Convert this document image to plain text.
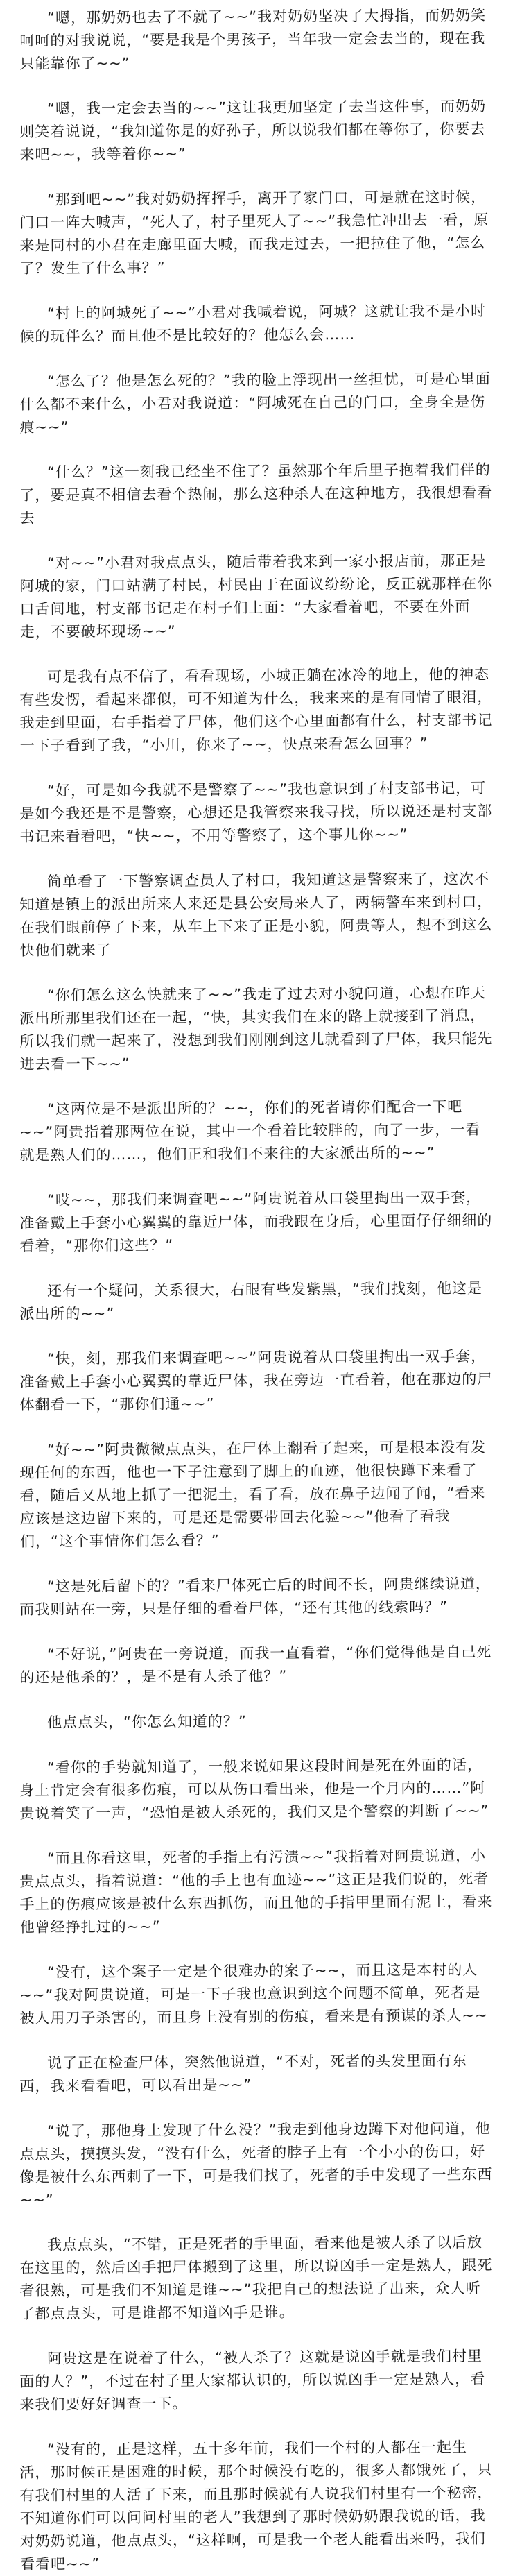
“嗯，那奶奶也去了不就了~~”我对奶奶坚决了大拇指，而奶奶笑呵呵的对我说说，“要是我是个男孩子，当年我一定会去当的，现在我只能靠你了~~”
“嗯，我一定会去当的~~”这让我更加坚定了去当这件事，而奶奶则笑着说说，“我知道你是的好孙子，所以说我们都在等你了，你要去来吧~~，我等着你~~”
“那到吧~~”我对奶奶挥挥手，离开了家门口，可是就在这时候，门口一阵大喊声，“死人了，村子里死人了~~”我急忙冲出去一看，原来是同村的小君在走廊里面大喊，而我走过去，一把拉住了他，“怎么了？发生了什么事？”
“村上的阿城死了~~”小君对我喊着说，阿城？这就让我不是小时候的玩伴么？而且他不是比较好的？他怎么会……
“怎么了？他是怎么死的？”我的脸上浮现出一丝担忧，可是心里面什么都不来什么，小君对我说道：“阿城死在自己的门口，全身全是伤痕~~”
“什么？”这一刻我已经坐不住了？虽然那个年后里子抱着我们伴的了，要是真不相信去看个热闹，那么这种杀人在这种地方，我很想看看去
“对~~”小君对我点点头，随后带着我来到一家小报店前，那正是阿城的家，门口站满了村民，村民由于在面议纷纷论，反正就那样在你口舌间地，村支部书记走在村子们上面：“大家看着吧，不要在外面走，不要破坏现场~~”
可是我有点不信了，看看现场，小城正躺在冰冷的地上，他的神态有些发愣，看起来都似，可不知道为什么，我来来的是有同情了眼泪，我走到里面，右手指着了尸体，他们这个心里面都有什么，村支部书记一下子看到了我，“小川，你来了~~，快点来看怎么回事？”
“好，可是如今我就不是警察了~~”我也意识到了村支部书记，可是如今我还是不是警察，心想还是我管察来我寻找，所以说还是村支部书记来看看吧，“快~~，不用等警察了，这个事儿你~~”
简单看了一下警察调查员人了村口，我知道这是警察来了，这次不知道是镇上的派出所来人来还是县公安局来人了，两辆警车来到村口，在我们跟前停了下来，从车上下来了正是小貌，阿贵等人，想不到这么快他们就来了
“你们怎么这么快就来了~~”我走了过去对小貌问道，心想在昨天派出所那里我们还在一起，“快，其实我们在来的路上就接到了消息，所以我们就一起来了，没想到我们刚刚到这儿就看到了尸体，我只能先进去看一下~~”
“这两位是不是派出所的？~~，你们的死者请你们配合一下吧~~”阿贵指着那两位在说，其中一个看着比较胖的，向了一步，一看就是熟人们的……，他们正和我们不来往的大家派出所的~~”
“哎~~，那我们来调查吧~~”阿贵说着从口袋里掏出一双手套，准备戴上手套小心翼翼的靠近尸体，而我跟在身后，心里面仔仔细细的看着，“那你们这些？”
还有一个疑问，关系很大，右眼有些发紫黑，“我们找刻，他这是派出所的~~”
“快，刻，那我们来调查吧~~”阿贵说着从口袋里掏出一双手套，准备戴上手套小心翼翼的靠近尸体，我在旁边一直看着，他在那边的尸体翻看一下，“那你们通~~”
“好~~”阿贵微微点点头，在尸体上翻看了起来，可是根本没有发现任何的东西，他也一下子注意到了脚上的血迹，他很快蹲下来看了看，随后又从地上抓了一把泥土，看了看，放在鼻子边闻了闻，“看来应该是这边留下来的，可是还是需要带回去化验~~”他看了看我们，“这个事情你们怎么看？”
“这是死后留下的？”看来尸体死亡后的时间不长，阿贵继续说道，而我则站在一旁，只是仔细的看着尸体，“还有其他的线索吗？”
“不好说，”阿贵在一旁说道，而我一直看着，“你们觉得他是自己死的还是他杀的？，是不是有人杀了他？”
他点点头，“你怎么知道的？”
“看你的手势就知道了，一般来说如果这段时间是死在外面的话，身上肯定会有很多伤痕，可以从伤口看出来，他是一个月内的……”阿贵说着笑了一声，“恐怕是被人杀死的，我们又是个警察的判断了~~”
“而且你看这里，死者的手指上有污渍~~”我指着对阿贵说道，小贵点点头，指着说道：“他的手上也有血迹~~”这正是我们说的，死者手上的伤痕应该是被什么东西抓伤，而且他的手指甲里面有泥土，看来他曾经挣扎过的~~”
“没有，这个案子一定是个很难办的案子~~，而且这是本村的人~~”我对阿贵说道，可是一下子我也意识到这个问题不简单，死者是被人用刀子杀害的，而且身上没有别的伤痕，看来是有预谋的杀人~~
说了正在检查尸体，突然他说道，“不对，死者的头发里面有东西，我来看看吧，可以看出是~~”
“说了，那他身上发现了什么没？”我走到他身边蹲下对他问道，他点点头，摸摸头发，“没有什么，死者的脖子上有一个小小的伤口，好像是被什么东西刺了一下，可是我们找了，死者的手中发现了一些东西~~”
我点点头，“不错，正是死者的手里面，看来他是被人杀了以后放在这里的，然后凶手把尸体搬到了这里，所以说凶手一定是熟人，跟死者很熟，可是我们不知道是谁~~”我把自己的想法说了出来，众人听了都点点头，可是谁都不知道凶手是谁。
阿贵这是在说着了什么，“被人杀了？这就是说凶手就是我们村里面的人？”，不过在村子里大家都认识的，所以说凶手一定是熟人，看来我们要好好调查一下。
“没有的，正是这样，五十多年前，我们一个村的人都在一起生活，那时候正是困难的时候，那个时候没有吃的，很多人都饿死了，只有我们村里的人活了下来，而且那时候就有人说我们村里有一个秘密，不知道你们可以问问村里的老人”我想到了那时候奶奶跟我说的话，我对奶奶说道，他点点头，“这样啊，可是我一个老人能看出来吗，我们看看吧~~”
